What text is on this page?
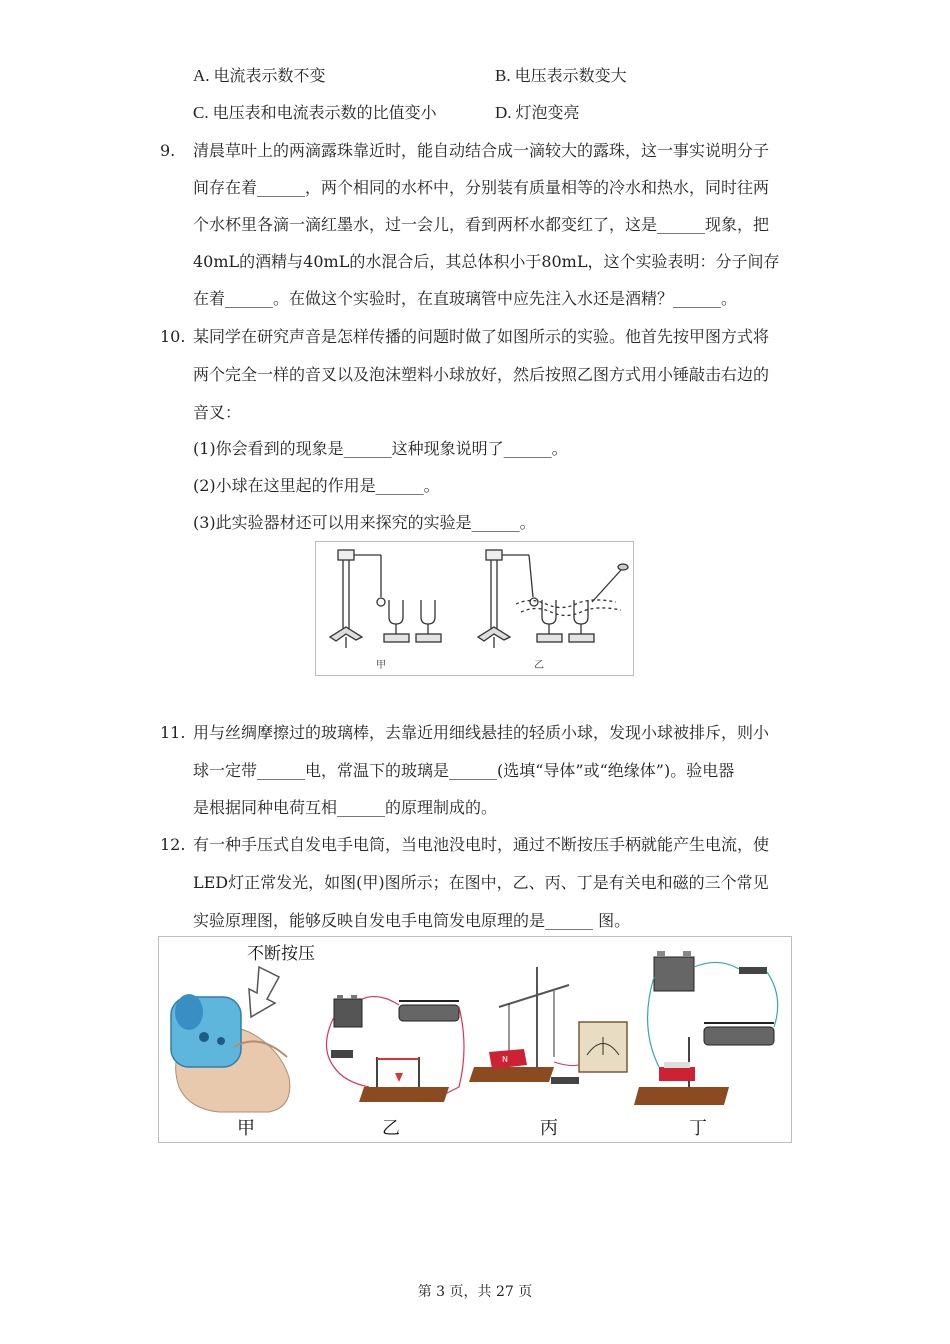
A. 电流表示数不变	B. 电压表示数变大
C. 电压表和电流表示数的比值变小	D. 灯泡变亮
9. 清晨草叶上的两滴露珠靠近时，能自动结合成一滴较大的露珠，这一事实说明分子
间存在着______，两个相同的水杯中，分别装有质量相等的冷水和热水，同时往两
个水杯里各滴一滴红墨水，过一会儿，看到两杯水都变红了，这是______现象，把
40mL的酒精与40mL的水混合后，其总体积小于80mL，这个实验表明：分子间存
在着______。在做这个实验时，在直玻璃管中应先注入水还是酒精？______。
10. 某同学在研究声音是怎样传播的问题时做了如图所示的实验。他首先按甲图方式将
两个完全一样的音叉以及泡沫塑料小球放好，然后按照乙图方式用小锤敲击右边的
音叉：
(1)你会看到的现象是______这种现象说明了______。
(2)小球在这里起的作用是______。
(3)此实验器材还可以用来探究的实验是______。
甲	乙
11. 用与丝绸摩擦过的玻璃棒，去靠近用细线悬挂的轻质小球，发现小球被排斥，则小
球一定带______电，常温下的玻璃是______(选填“导体”或“绝缘体”)。验电器
是根据同种电荷互相______的原理制成的。
12. 有一种手压式自发电手电筒，当电池没电时，通过不断按压手柄就能产生电流，使
LED灯正常发光，如图(甲)图所示；在图中，乙、丙、丁是有关电和磁的三个常见
实验原理图，能够反映自发电手电筒发电原理的是______ 图。
不断按压
乙
N
丙	丁
甲
第 3 页，共 27 页
